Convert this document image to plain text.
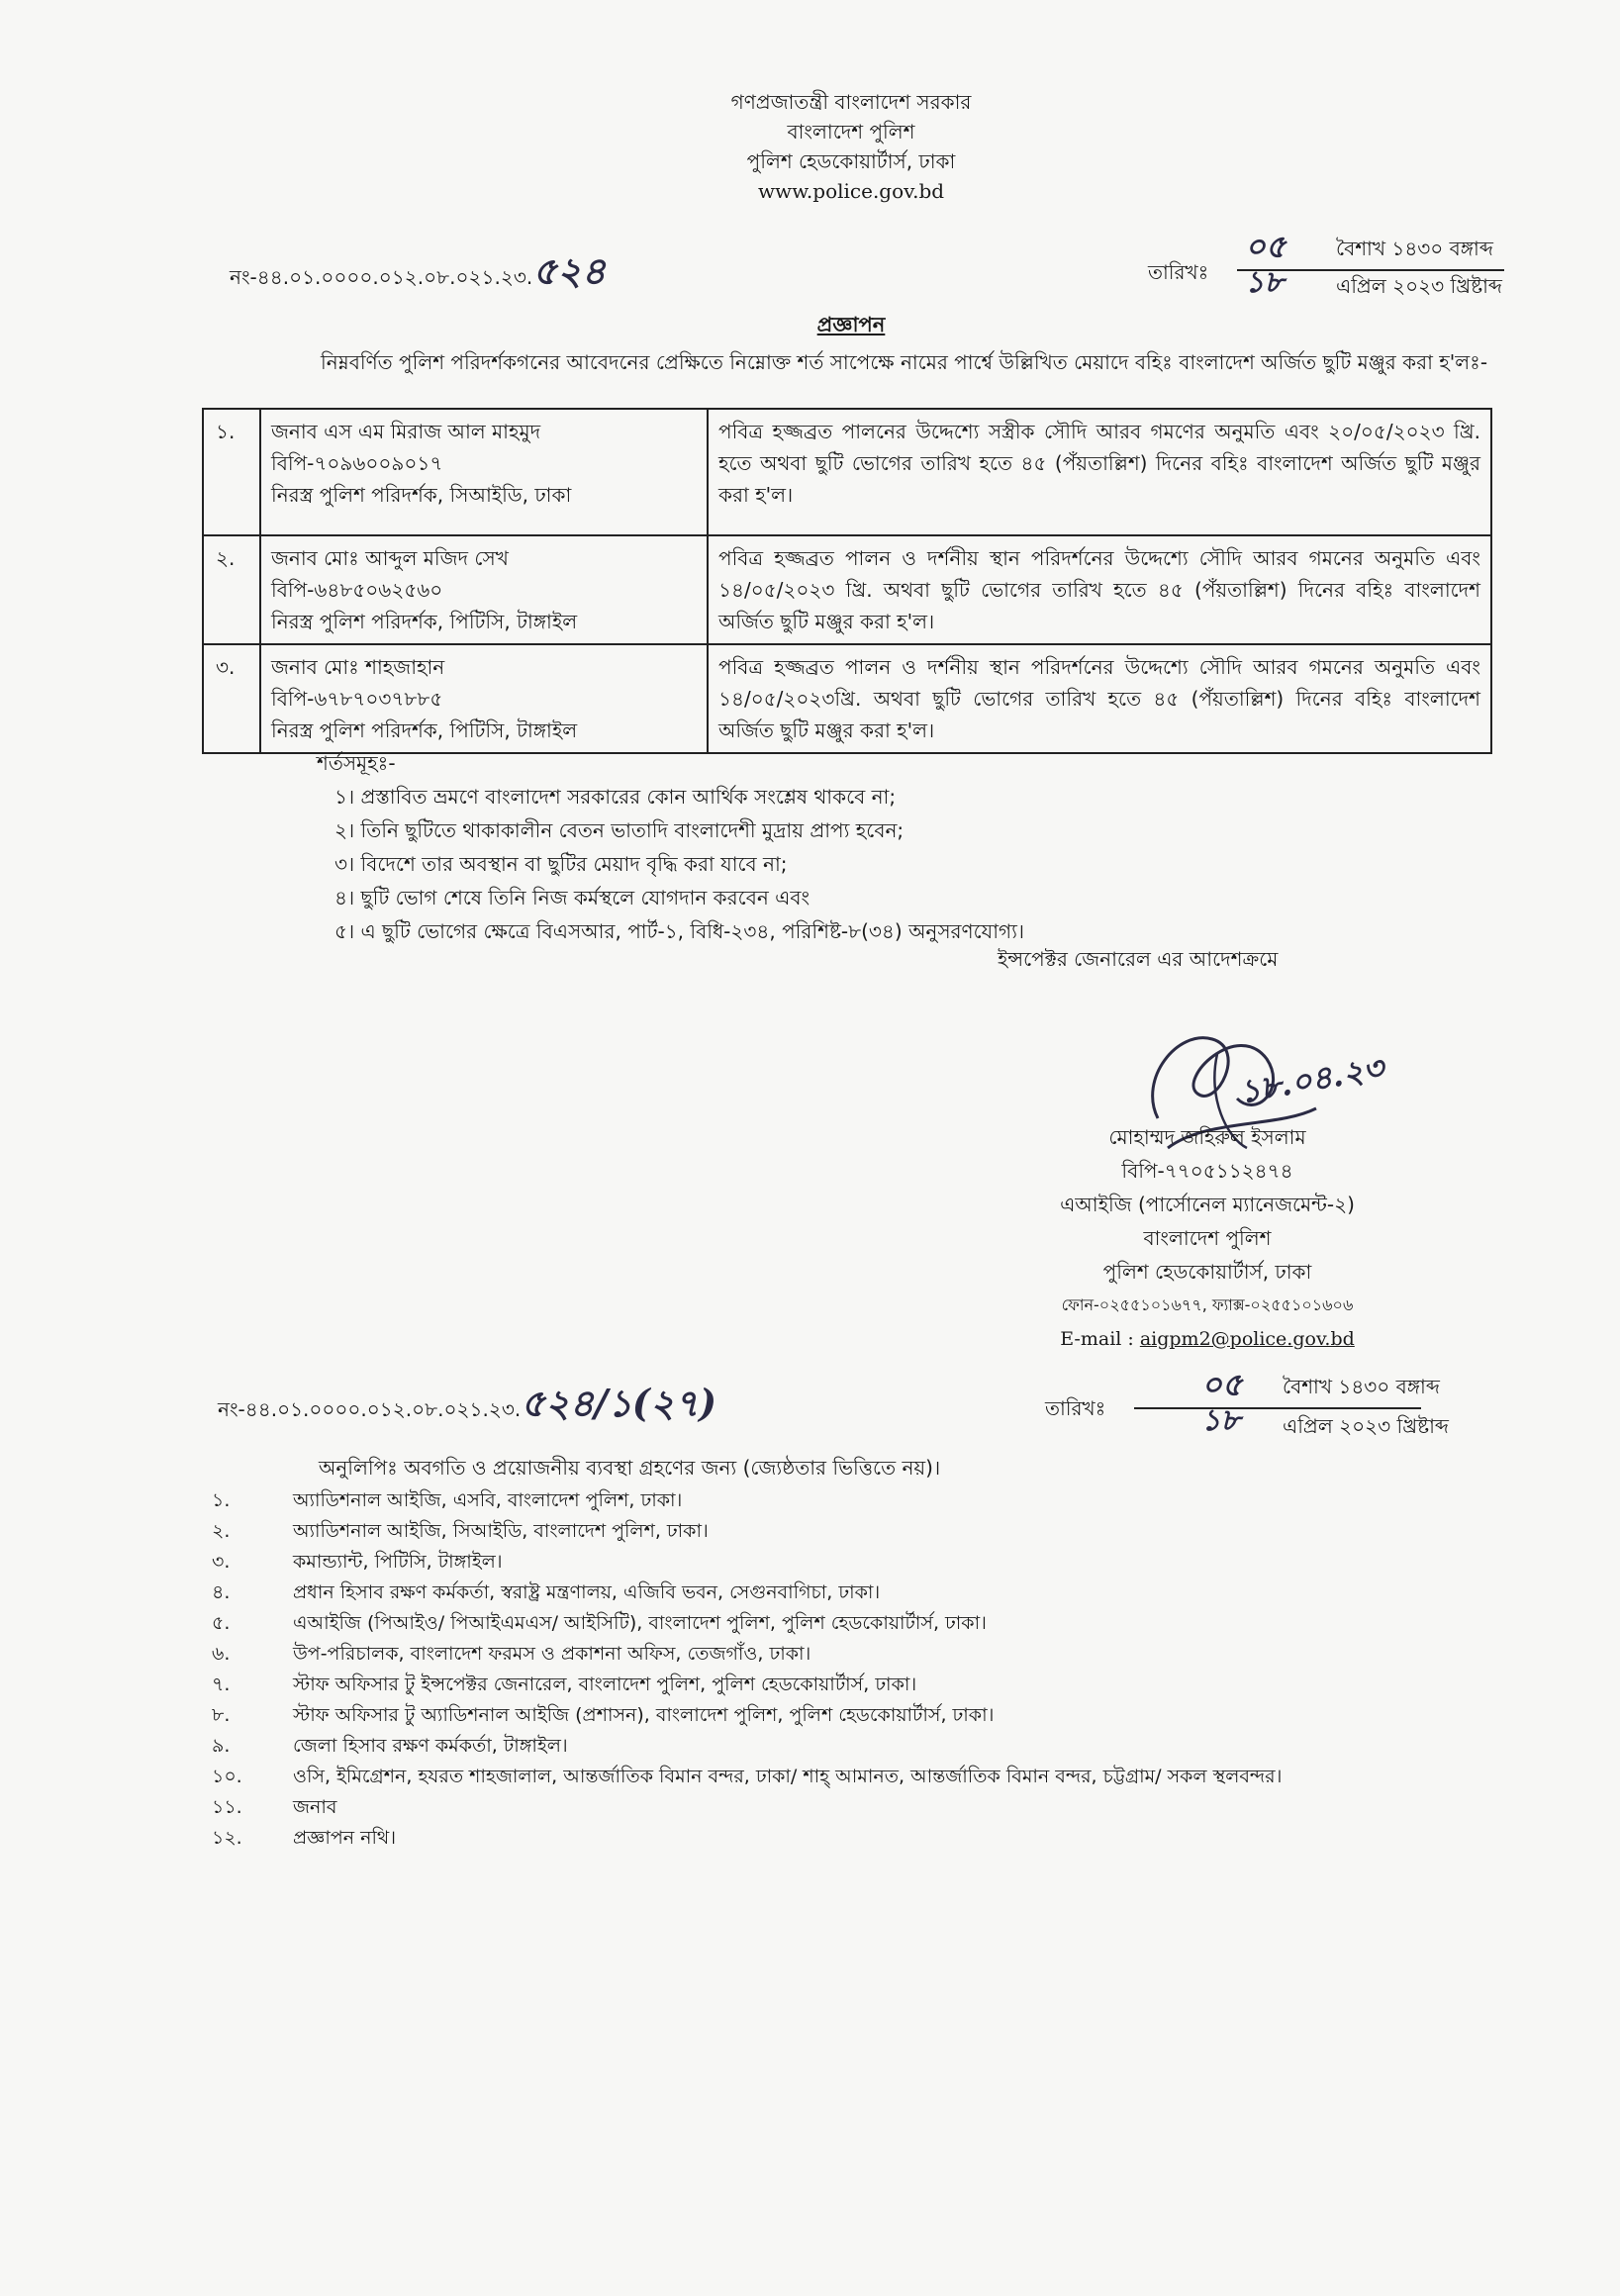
গণপ্রজাতন্ত্রী বাংলাদেশ সরকার
বাংলাদেশ পুলিশ
পুলিশ হেডকোয়ার্টার্স, ঢাকা
www.police.gov.bd
নং-৪৪.০১.০০০০.০১২.০৮.০২১.২৩.৫২৪	তারিখঃ
০৫	বৈশাখ ১৪৩০ বঙ্গাব্দ
১৮	এপ্রিল ২০২৩ খ্রিষ্টাব্দ
প্রজ্ঞাপন
নিম্নবর্ণিত পুলিশ পরিদর্শকগনের আবেদনের প্রেক্ষিতে নিম্নোক্ত শর্ত সাপেক্ষে নামের পার্শ্বে উল্লিখিত মেয়াদে বহিঃ বাংলাদেশ অর্জিত ছুটি মঞ্জুর করা হ'লঃ-
১.	জনাব এস এম মিরাজ আল মাহমুদ
বিপি-৭০৯৬০০৯০১৭
নিরস্ত্র পুলিশ পরিদর্শক, সিআইডি, ঢাকা	পবিত্র হজ্জব্রত পালনের উদ্দেশ্যে সস্ত্রীক সৌদি আরব গমণের অনুমতি এবং ২০/০৫/২০২৩ খ্রি. হতে অথবা ছুটি ভোগের তারিখ হতে ৪৫ (পঁয়তাল্লিশ) দিনের বহিঃ বাংলাদেশ অর্জিত ছুটি মঞ্জুর করা হ'ল।
২.	জনাব মোঃ আব্দুল মজিদ সেখ
বিপি-৬৪৮৫০৬২৫৬০
নিরস্ত্র পুলিশ পরিদর্শক, পিটিসি, টাঙ্গাইল	পবিত্র হজ্জব্রত পালন ও দর্শনীয় স্থান পরিদর্শনের উদ্দেশ্যে সৌদি আরব গমনের অনুমতি এবং ১৪/০৫/২০২৩ খ্রি. অথবা ছুটি ভোগের তারিখ হতে ৪৫ (পঁয়তাল্লিশ) দিনের বহিঃ বাংলাদেশ অর্জিত ছুটি মঞ্জুর করা হ'ল।
৩.	জনাব মোঃ শাহজাহান
বিপি-৬৭৮৭০৩৭৮৮৫
নিরস্ত্র পুলিশ পরিদর্শক, পিটিসি, টাঙ্গাইল	পবিত্র হজ্জব্রত পালন ও দর্শনীয় স্থান পরিদর্শনের উদ্দেশ্যে সৌদি আরব গমনের অনুমতি এবং ১৪/০৫/২০২৩খ্রি. অথবা ছুটি ভোগের তারিখ হতে ৪৫ (পঁয়তাল্লিশ) দিনের বহিঃ বাংলাদেশ অর্জিত ছুটি মঞ্জুর করা হ'ল।
শর্তসমূহঃ-
১। প্রস্তাবিত ভ্রমণে বাংলাদেশ সরকারের কোন আর্থিক সংশ্লেষ থাকবে না;
২। তিনি ছুটিতে থাকাকালীন বেতন ভাতাদি বাংলাদেশী মুদ্রায় প্রাপ্য হবেন;
৩। বিদেশে তার অবস্থান বা ছুটির মেয়াদ বৃদ্ধি করা যাবে না;
৪। ছুটি ভোগ শেষে তিনি নিজ কর্মস্থলে যোগদান করবেন এবং
৫। এ ছুটি ভোগের ক্ষেত্রে বিএসআর, পার্ট-১, বিধি-২৩৪, পরিশিষ্ট-৮(৩৪) অনুসরণযোগ্য।
ইন্সপেক্টর জেনারেল এর আদেশক্রমে
১৮.০৪.২৩
মোহাম্মদ জহিরুল ইসলাম
বিপি-৭৭০৫১১২৪৭৪
এআইজি (পার্সোনেল ম্যানেজমেন্ট-২)
বাংলাদেশ পুলিশ
পুলিশ হেডকোয়ার্টার্স, ঢাকা
ফোন-০২৫৫১০১৬৭৭, ফ্যাক্স-০২৫৫১০১৬০৬
E-mail : aigpm2@police.gov.bd
নং-৪৪.০১.০০০০.০১২.০৮.০২১.২৩.৫২৪/১(২৭)	তারিখঃ
০৫ বৈশাখ ১৪৩০ বঙ্গাব্দ
১৮ এপ্রিল ২০২৩ খ্রিষ্টাব্দ
অনুলিপিঃ অবগতি ও প্রয়োজনীয় ব্যবস্থা গ্রহণের জন্য (জ্যেষ্ঠতার ভিত্তিতে নয়)।
১.	অ্যাডিশনাল আইজি, এসবি, বাংলাদেশ পুলিশ, ঢাকা।
২.	অ্যাডিশনাল আইজি, সিআইডি, বাংলাদেশ পুলিশ, ঢাকা।
৩.	কমান্ড্যান্ট, পিটিসি, টাঙ্গাইল।
৪.	প্রধান হিসাব রক্ষণ কর্মকর্তা, স্বরাষ্ট্র মন্ত্রণালয়, এজিবি ভবন, সেগুনবাগিচা, ঢাকা।
৫.	এআইজি (পিআইও/ পিআইএমএস/ আইসিটি), বাংলাদেশ পুলিশ, পুলিশ হেডকোয়ার্টার্স, ঢাকা।
৬.	উপ-পরিচালক, বাংলাদেশ ফরমস ও প্রকাশনা অফিস, তেজগাঁও, ঢাকা।
৭.	স্টাফ অফিসার টু ইন্সপেক্টর জেনারেল, বাংলাদেশ পুলিশ, পুলিশ হেডকোয়ার্টার্স, ঢাকা।
৮.	স্টাফ অফিসার টু অ্যাডিশনাল আইজি (প্রশাসন), বাংলাদেশ পুলিশ, পুলিশ হেডকোয়ার্টার্স, ঢাকা।
৯.	জেলা হিসাব রক্ষণ কর্মকর্তা, টাঙ্গাইল।
১০.	ওসি, ইমিগ্রেশন, হযরত শাহজালাল, আন্তর্জাতিক বিমান বন্দর, ঢাকা/ শাহ্ আমানত, আন্তর্জাতিক বিমান বন্দর, চট্টগ্রাম/ সকল স্থলবন্দর।
১১.	জনাব
১২.	প্রজ্ঞাপন নথি।
